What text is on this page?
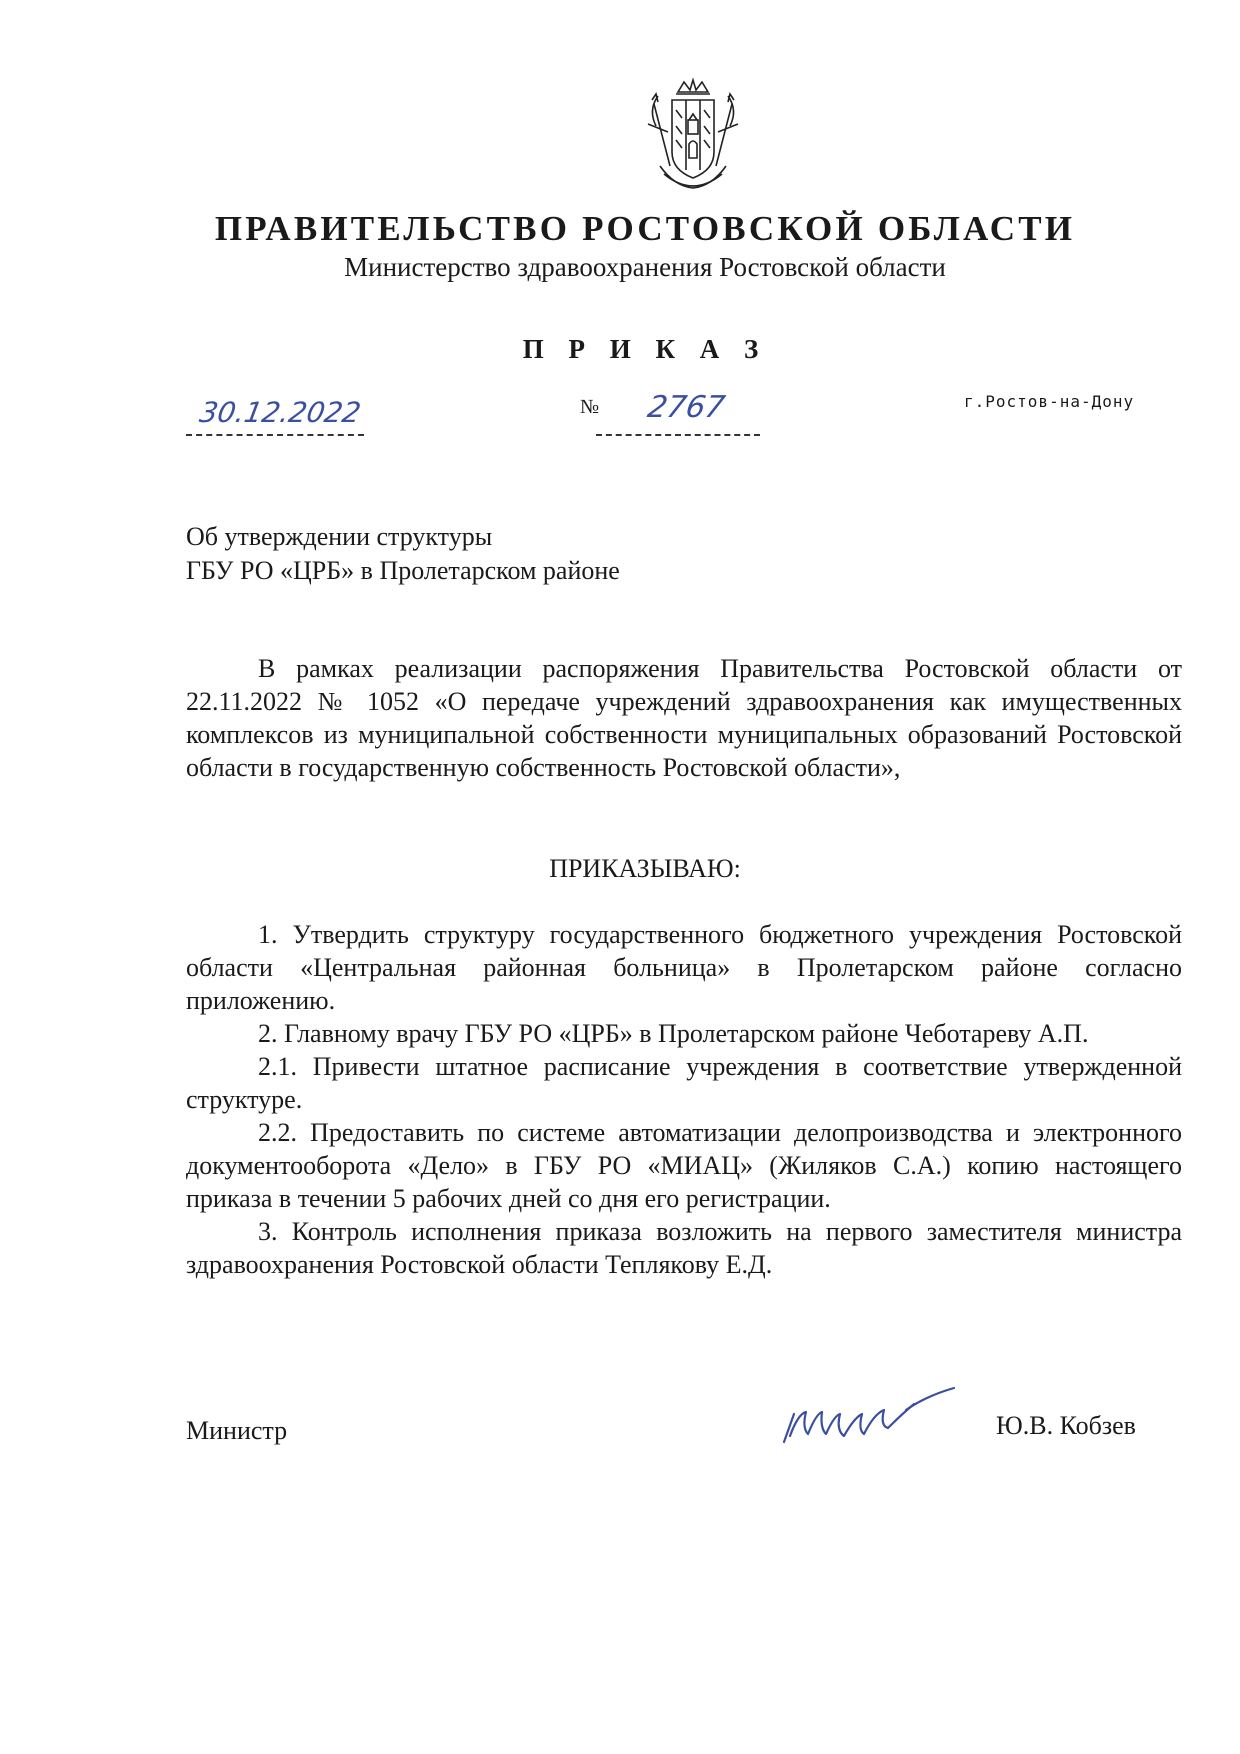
ПРАВИТЕЛЬСТВО РОСТОВСКОЙ ОБЛАСТИ
Министерство здравоохранения Ростовской области
П Р И К А З
30.12.2022	№ 2767	г.Ростов-на-Дону
Об утверждении структуры
ГБУ РО «ЦРБ» в Пролетарском районе
В рамках реализации распоряжения Правительства Ростовской области от 22.11.2022 № 1052 «О передаче учреждений здравоохранения как имущественных комплексов из муниципальной собственности муниципальных образований Ростовской области в государственную собственность Ростовской области»,
ПРИКАЗЫВАЮ:

1. Утвердить структуру государственного бюджетного учреждения Ростовской области «Центральная районная больница» в Пролетарском районе согласно приложению.

2. Главному врачу ГБУ РО «ЦРБ» в Пролетарском районе Чеботареву А.П.

2.1. Привести штатное расписание учреждения в соответствие утвержденной структуре.

2.2. Предоставить по системе автоматизации делопроизводства и электронного документооборота «Дело» в ГБУ РО «МИАЦ» (Жиляков С.А.) копию настоящего приказа в течении 5 рабочих дней со дня его регистрации.

3. Контроль исполнения приказа возложить на первого заместителя министра здравоохранения Ростовской области Теплякову Е.Д.

Министр	Ю.В. Кобзев
